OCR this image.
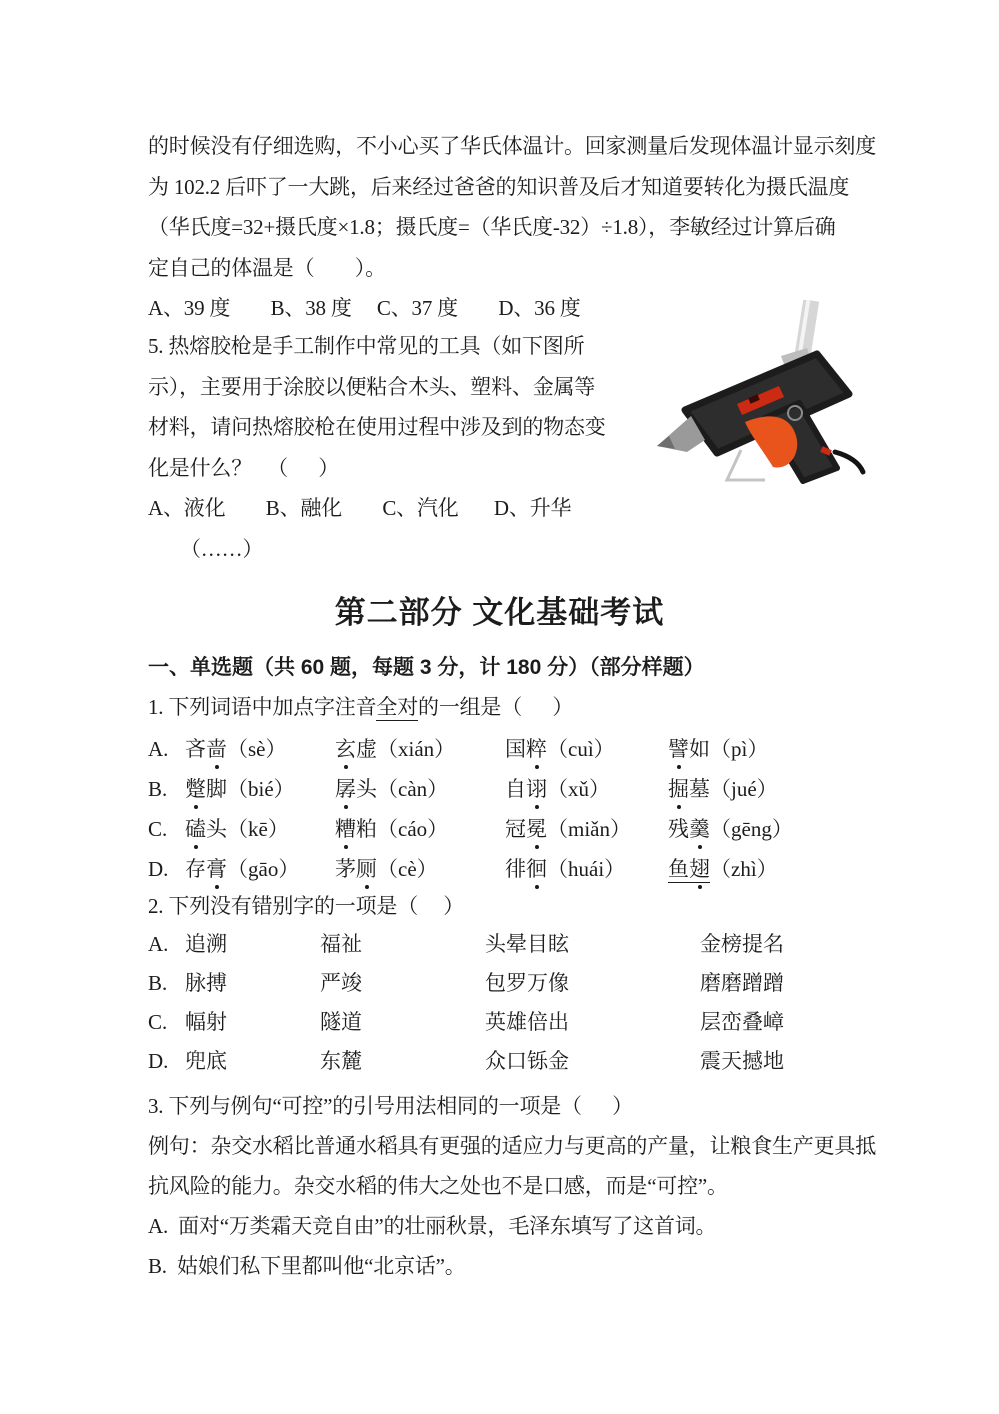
的时候没有仔细选购，不小心买了华氏体温计。回家测量后发现体温计显示刻度
为 102.2 后吓了一大跳，后来经过爸爸的知识普及后才知道要转化为摄氏温度
（华氏度=32+摄氏度×1.8；摄氏度=（华氏度-32）÷1.8），李敏经过计算后确
定自己的体温是（        ）。
A、39 度        B、38 度     C、37 度        D、36 度
5. 热熔胶枪是手工制作中常见的工具（如下图所
示），主要用于涂胶以便粘合木头、塑料、金属等
材料，请问热熔胶枪在使用过程中涉及到的物态变
化是什么？   （      ）
A、液化        B、融化        C、汽化       D、升华
（……）
第二部分 文化基础考试
一、单选题（共 60 题，每题 3 分，计 180 分）（部分样题）
1. 下列词语中加点字注音全对的一组是（      ）
A. 吝啬（sè） 玄虚（xián） 国粹（cuì）	譬如（pì）
B. 蹩脚（bié） 孱头（càn）	自诩（xǔ）	掘墓（jué）
C. 磕头（kē） 糟粕（cáo）	冠冕（miǎn） 残羹（gēng）
D. 存膏（gāo） 茅厕（cè）	徘徊（huái） 鱼翅（zhì）
2. 下列没有错别字的一项是（     ）
A. 追溯	福祉	头晕目眩	金榜提名
B. 脉搏	严竣	包罗万像	磨磨蹭蹭
C. 幅射	隧道	英雄倍出	层峦叠嶂
D. 兜底	东麓	众口铄金	震天撼地
3. 下列与例句“可控”的引号用法相同的一项是（      ）
例句：杂交水稻比普通水稻具有更强的适应力与更高的产量，让粮食生产更具抵
抗风险的能力。杂交水稻的伟大之处也不是口感，而是“可控”。
A.  面对“万类霜天竞自由”的壮丽秋景，毛泽东填写了这首词。
B.  姑娘们私下里都叫他“北京话”。
